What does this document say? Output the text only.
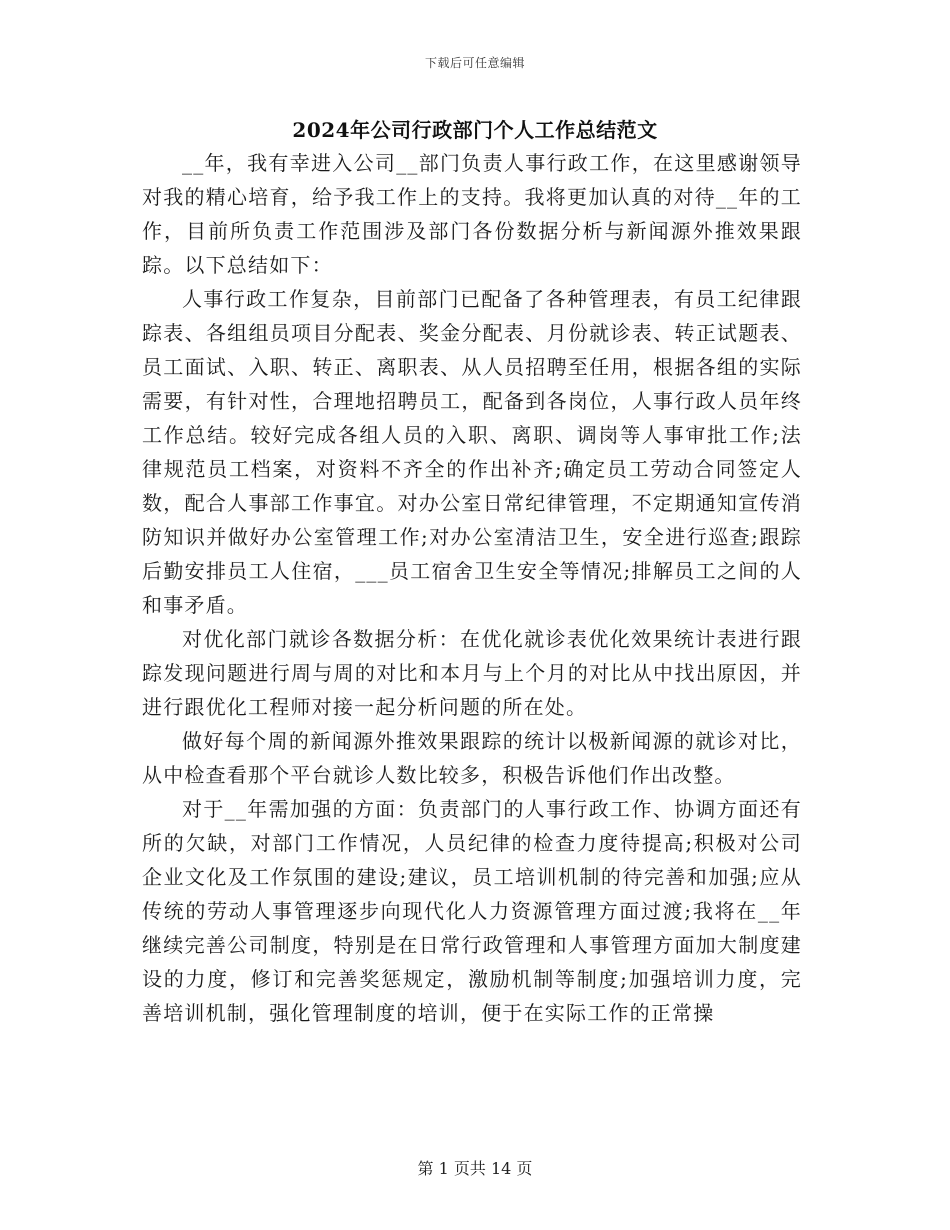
下载后可任意编辑
2024年公司行政部门个人工作总结范文

__年，我有幸进入公司__部门负责人事行政工作，在这里感谢领导对我的精心培育，给予我工作上的支持。我将更加认真的对待__年的工作，目前所负责工作范围涉及部门各份数据分析与新闻源外推效果跟踪。以下总结如下：

人事行政工作复杂，目前部门已配备了各种管理表，有员工纪律跟踪表、各组组员项目分配表、奖金分配表、月份就诊表、转正试题表、员工面试、入职、转正、离职表、从人员招聘至任用，根据各组的实际需要，有针对性，合理地招聘员工，配备到各岗位，人事行政人员年终工作总结。较好完成各组人员的入职、离职、调岗等人事审批工作;法律规范员工档案，对资料不齐全的作出补齐;确定员工劳动合同签定人数，配合人事部工作事宜。对办公室日常纪律管理，不定期通知宣传消防知识并做好办公室管理工作;对办公室清洁卫生，安全进行巡查;跟踪后勤安排员工人住宿，___员工宿舍卫生安全等情况;排解员工之间的人和事矛盾。

对优化部门就诊各数据分析：在优化就诊表优化效果统计表进行跟踪发现问题进行周与周的对比和本月与上个月的对比从中找出原因，并进行跟优化工程师对接一起分析问题的所在处。

做好每个周的新闻源外推效果跟踪的统计以极新闻源的就诊对比，从中检查看那个平台就诊人数比较多，积极告诉他们作出改整。

对于__年需加强的方面：负责部门的人事行政工作、协调方面还有所的欠缺，对部门工作情况，人员纪律的检查力度待提高;积极对公司企业文化及工作氛围的建设;建议，员工培训机制的待完善和加强;应从传统的劳动人事管理逐步向现代化人力资源管理方面过渡;我将在__年继续完善公司制度，特别是在日常行政管理和人事管理方面加大制度建设的力度，修订和完善奖惩规定，激励机制等制度;加强培训力度，完善培训机制，强化管理制度的培训，便于在实际工作的正常操

第 1 页共 14 页
